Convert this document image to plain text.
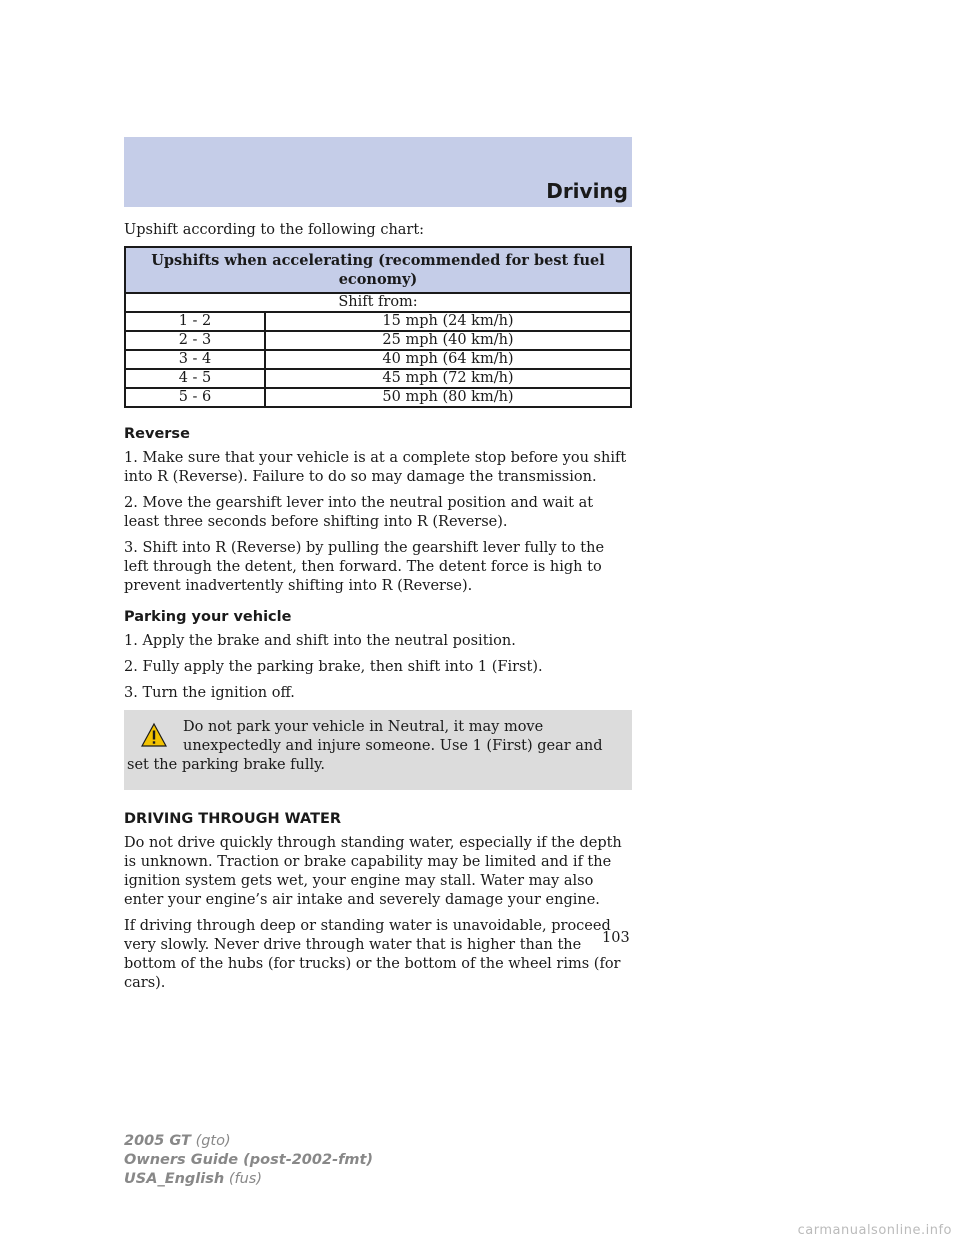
Driving

Upshift according to the following chart:

Upshifts when accelerating (recommended for best fuel economy)	
Shift from:	
1 - 2	15 mph (24 km/h)
2 - 3	25 mph (40 km/h)
3 - 4	40 mph (64 km/h)
4 - 5	45 mph (72 km/h)
5 - 6	50 mph (80 km/h)
Reverse

1. Make sure that your vehicle is at a complete stop before you shift into R (Reverse). Failure to do so may damage the transmission.

2. Move the gearshift lever into the neutral position and wait at least three seconds before shifting into R (Reverse).

3. Shift into R (Reverse) by pulling the gearshift lever fully to the left through the detent, then forward. The detent force is high to prevent inadvertently shifting into R (Reverse).

Parking your vehicle

1. Apply the brake and shift into the neutral position.

2. Fully apply the parking brake, then shift into 1 (First).

3. Turn the ignition off.

Do not park your vehicle in Neutral, it may move unexpectedly and injure someone. Use 1 (First) gear and set the parking brake fully.

DRIVING THROUGH WATER

Do not drive quickly through standing water, especially if the depth is unknown. Traction or brake capability may be limited and if the ignition system gets wet, your engine may stall. Water may also enter your engine’s air intake and severely damage your engine.

If driving through deep or standing water is unavoidable, proceed very slowly. Never drive through water that is higher than the bottom of the hubs (for trucks) or the bottom of the wheel rims (for cars).

103
2005 GT (gto)
Owners Guide (post-2002-fmt)
USA_English (fus)
carmanualsonline.info
